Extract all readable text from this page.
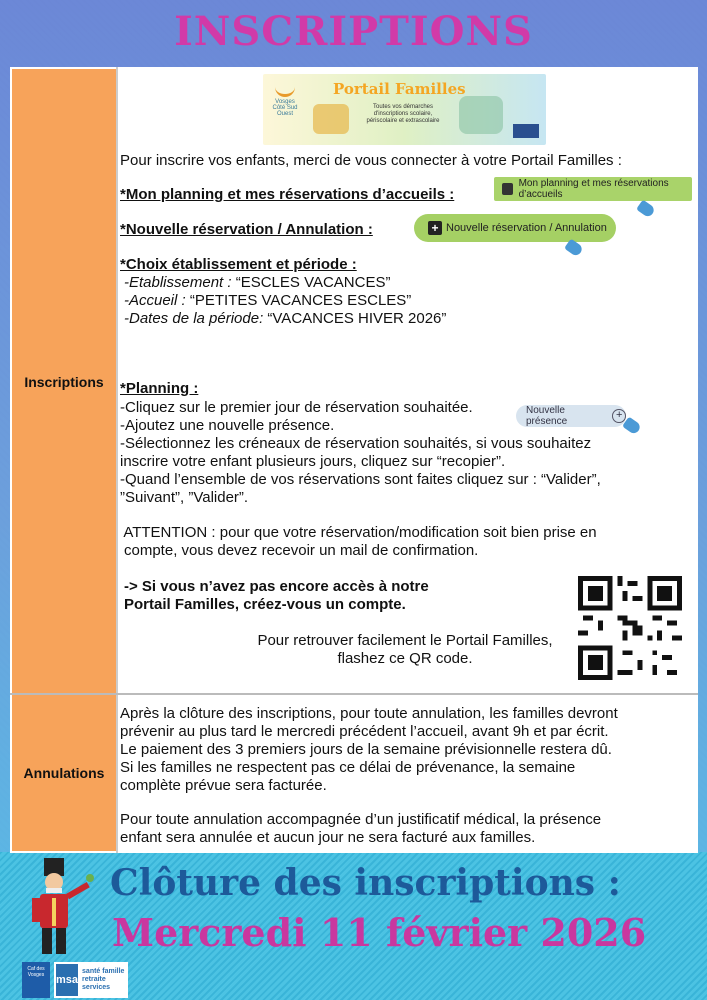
INSCRIPTIONS
Inscriptions
Annulations
Vosges Côté Sud Ouest
Portail Familles
Toutes vos démarches d'inscriptions scolaire, périscolaire et extrascolaire
Pour inscrire vos enfants, merci de vous connecter à votre Portail Familles :
*Mon planning et mes réservations d’accueils :
Mon planning et mes réservations d’accueils
*Nouvelle réservation / Annulation :	+ Nouvelle réservation / Annulation
*Choix établissement et période :
-Etablissement : “ESCLES VACANCES”
-Accueil : “PETITES VACANCES ESCLES”
-Dates de la période: “VACANCES HIVER 2026”
*Planning :
-Cliquez sur le premier jour de réservation souhaitée.	Nouvelle présence
+
-Ajoutez une nouvelle présence.
-Sélectionnez les créneaux de réservation souhaités, si vous souhaitez
inscrire votre enfant plusieurs jours, cliquez sur “recopier”.
-Quand l’ensemble de vos réservations sont faites cliquez sur : “Valider”,
”Suivant”, ”Valider”.
ATTENTION : pour que votre réservation/modification soit bien prise en
compte, vous devez recevoir un mail de confirmation.
-> Si vous n’avez pas encore accès à notre
Portail Familles, créez-vous un compte.
Pour retrouver facilement le Portail Familles,
flashez ce QR code.
Après la clôture des inscriptions, pour toute annulation, les familles devront
prévenir au plus tard le mercredi précédent l’accueil, avant 9h et par écrit.
Le paiement des 3 premiers jours de la semaine prévisionnelle restera dû.
Si les familles ne respectent pas ce délai de prévenance, la semaine
complète prévue sera facturée.
Pour toute annulation accompagnée d’un justificatif médical, la présence
enfant sera annulée et aucun jour ne sera facturé aux familles.
Clôture des inscriptions :
Mercredi 11 février 2026
Caf des Vosges	msa
santé famille retraite services
